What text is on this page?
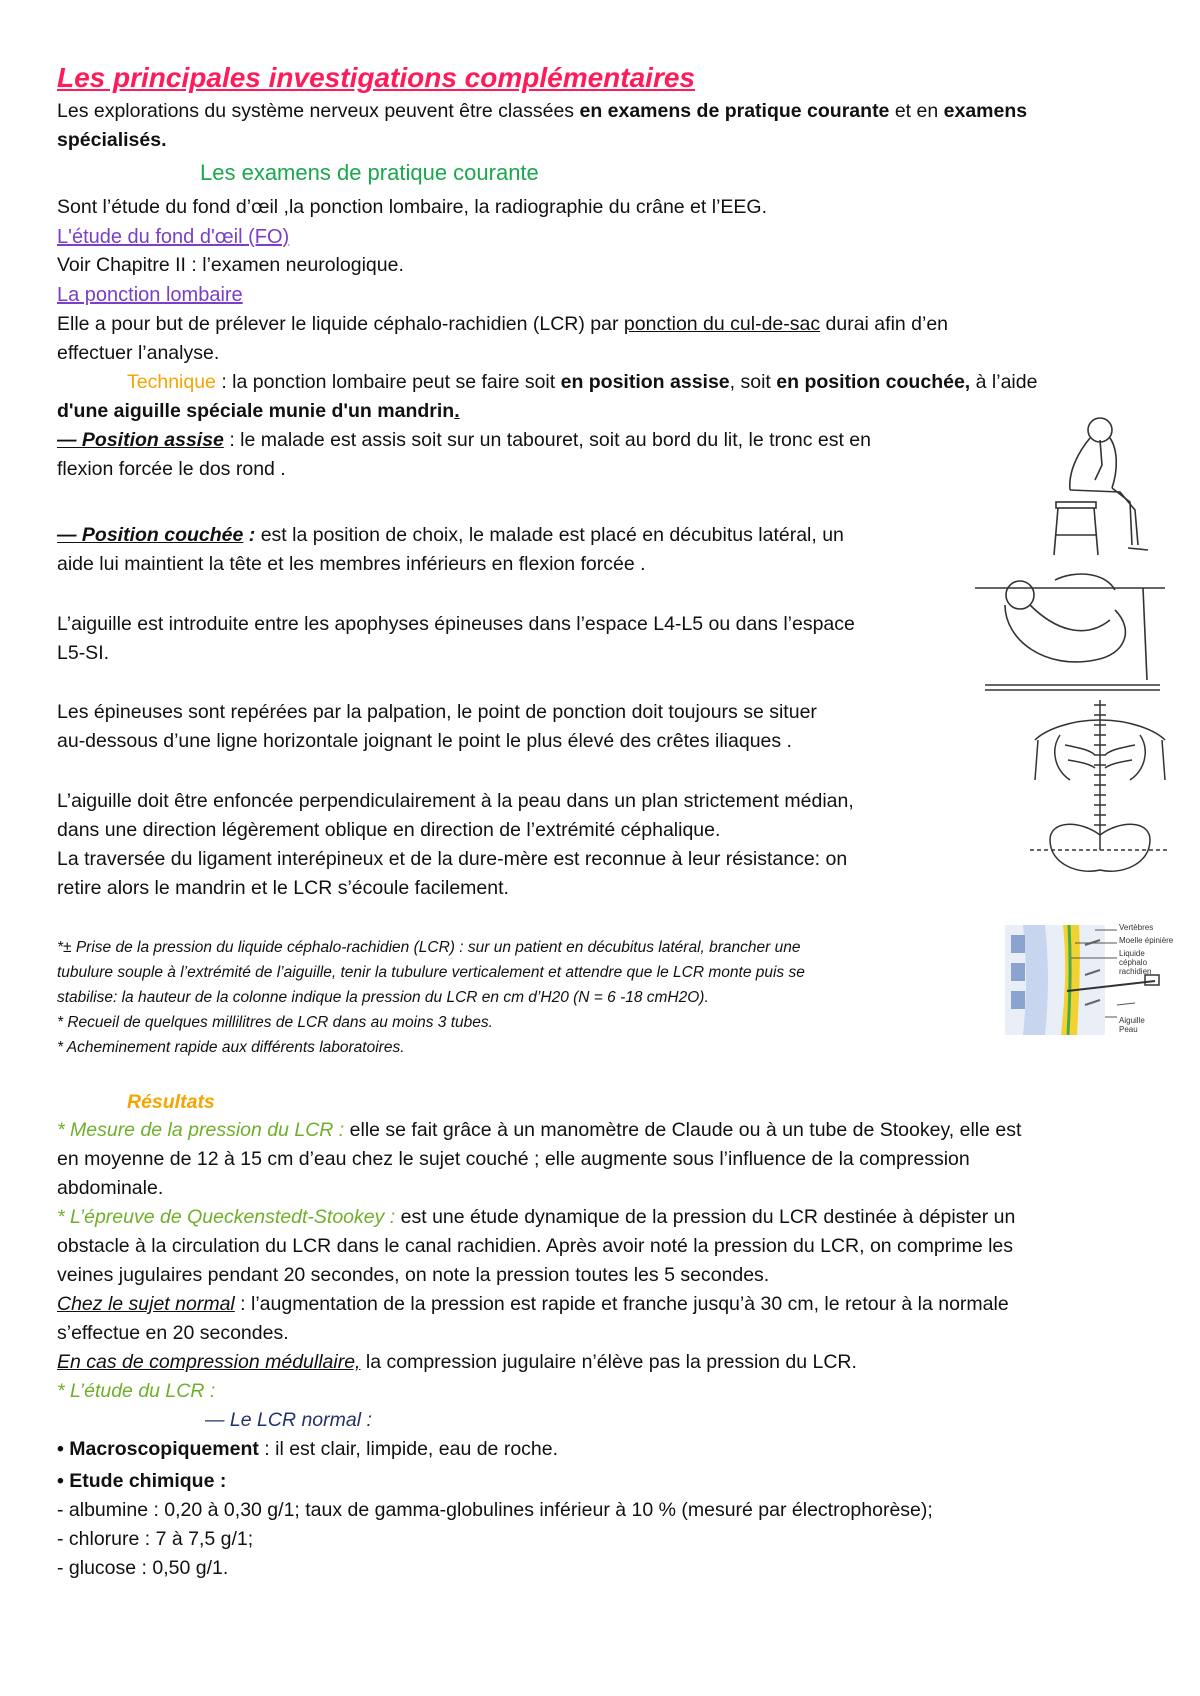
Les principales investigations complémentaires
Les explorations du système nerveux peuvent être classées en examens de pratique courante et en examens
spécialisés.
Les examens de pratique courante
Sont l’étude du fond d’œil ,la ponction lombaire, la radiographie du crâne et l’EEG.
L'étude du fond d'œil (FO)
Voir Chapitre II : l’examen neurologique.
La ponction lombaire
Elle a pour but de prélever le liquide céphalo-rachidien (LCR) par ponction du cul-de-sac durai afin d’en
effectuer l’analyse.
Technique : la ponction lombaire peut se faire soit en position assise, soit en position couchée, à l’aide
d'une aiguille spéciale munie d'un mandrin.
— Position assise : le malade est assis soit sur un tabouret, soit au bord du lit, le tronc est en
flexion forcée le dos rond .
— Position couchée : est la position de choix, le malade est placé en décubitus latéral, un
aide lui maintient la tête et les membres inférieurs en flexion forcée .
L’aiguille est introduite entre les apophyses épineuses dans l’espace L4-L5 ou dans l’espace
L5-SI.
Les épineuses sont repérées par la palpation, le point de ponction doit toujours se situer
au-dessous d’une ligne horizontale joignant le point le plus élevé des crêtes iliaques .
L’aiguille doit être enfoncée perpendiculairement à la peau dans un plan strictement médian,
dans une direction légèrement oblique en direction de l’extrémité céphalique.
La traversée du ligament interépineux et de la dure-mère est reconnue à leur résistance: on
retire alors le mandrin et le LCR s’écoule facilement.
*± Prise de la pression du liquide céphalo-rachidien (LCR) : sur un patient en décubitus latéral, brancher une
tubulure souple à l’extrémité de l’aiguille, tenir la tubulure verticalement et attendre que le LCR monte puis se
stabilise: la hauteur de la colonne indique la pression du LCR en cm d’H20 (N = 6 -18 cmH2O).
* Recueil de quelques millilitres de LCR dans au moins 3 tubes.
* Acheminement rapide aux différents laboratoires.
Résultats
* Mesure de la pression du LCR : elle se fait grâce à un manomètre de Claude ou à un tube de Stookey, elle est
en moyenne de 12 à 15 cm d’eau chez le sujet couché ; elle augmente sous l’influence de la compression
abdominale.
* L’épreuve de Queckenstedt-Stookey : est une étude dynamique de la pression du LCR destinée à dépister un
obstacle à la circulation du LCR dans le canal rachidien. Après avoir noté la pression du LCR, on comprime les
veines jugulaires pendant 20 secondes, on note la pression toutes les 5 secondes.
Chez le sujet normal : l’augmentation de la pression est rapide et franche jusqu’à 30 cm, le retour à la normale
s’effectue en 20 secondes.
En cas de compression médullaire, la compression jugulaire n’élève pas la pression du LCR.
* L’étude du LCR :
— Le LCR normal :
• Macroscopiquement : il est clair, limpide, eau de roche.
• Etude chimique :
- albumine : 0,20 à 0,30 g/1; taux de gamma-globulines inférieur à 10 % (mesuré par électrophorèse);
- chlorure : 7 à 7,5 g/1;
- glucose : 0,50 g/1.
Vertèbres
Moelle épinière
Liquide céphalo
rachidien
Aiguille
Peau
